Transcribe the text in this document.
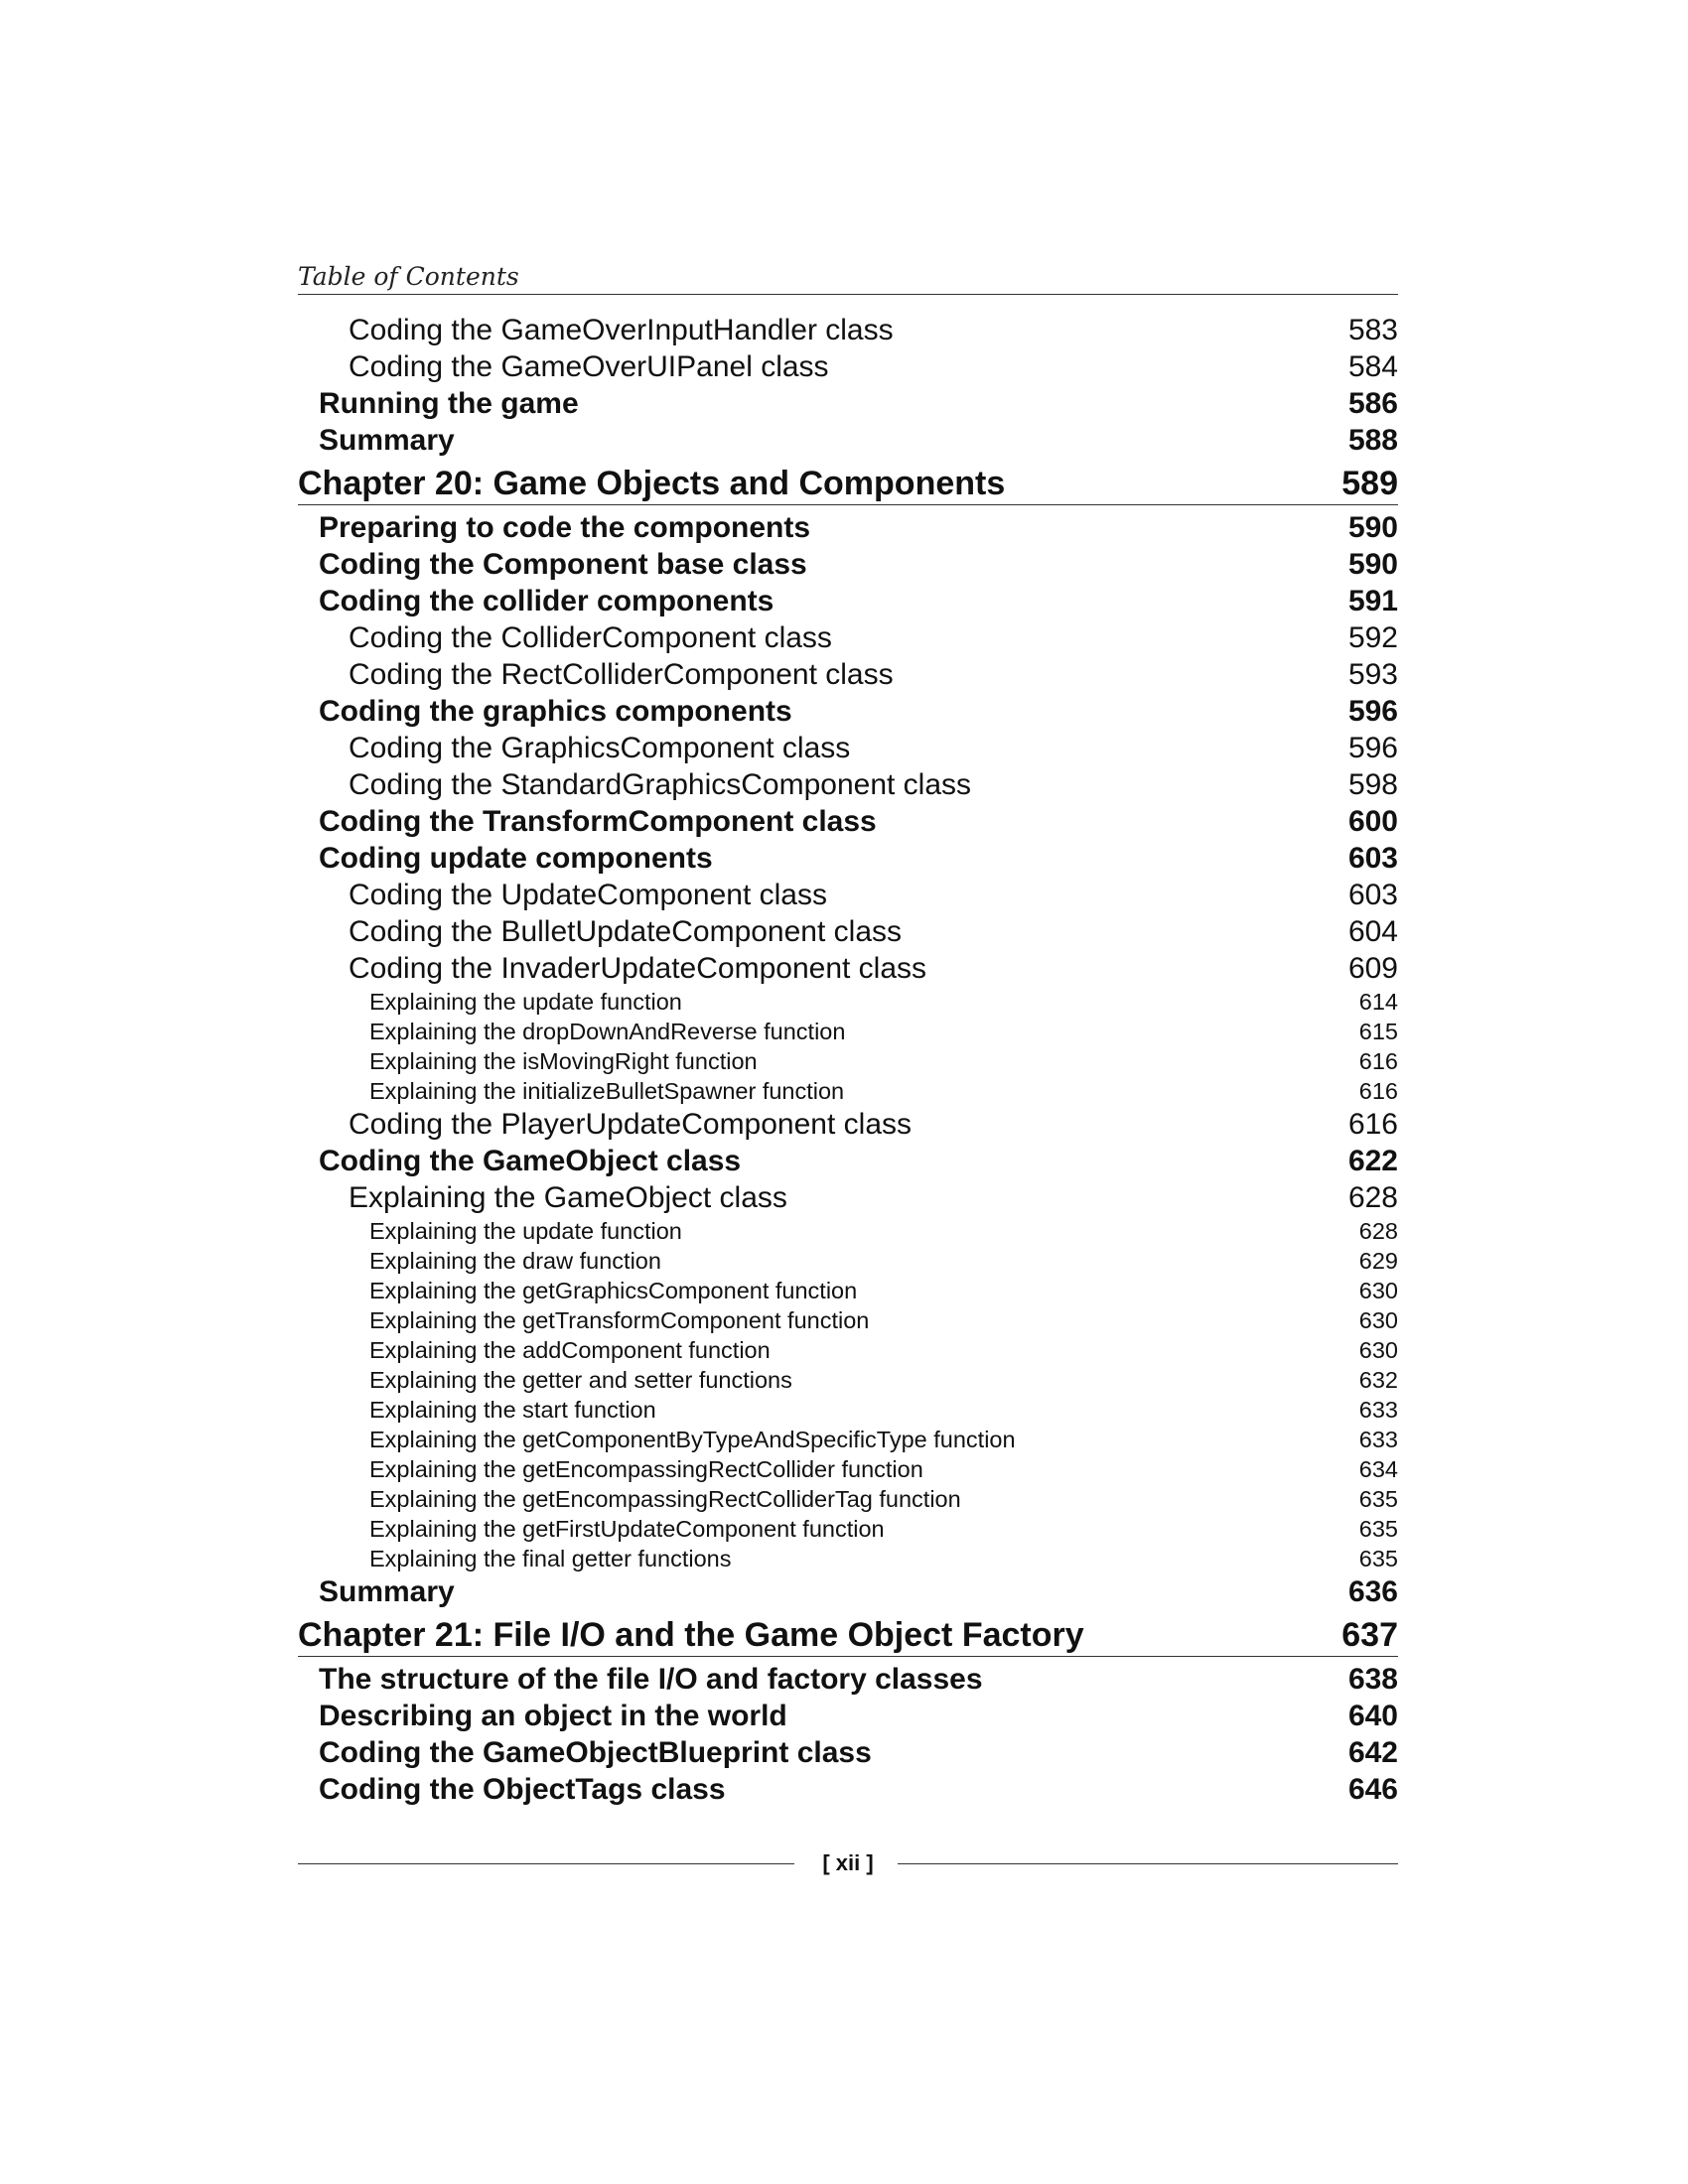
Table of Contents
Coding the GameOverInputHandler class	583
Coding the GameOverUIPanel class	584
Running the game	586
Summary	588
Chapter 20: Game Objects and Components	589
Preparing to code the components	590
Coding the Component base class	590
Coding the collider components	591
Coding the ColliderComponent class	592
Coding the RectColliderComponent class	593
Coding the graphics components	596
Coding the GraphicsComponent class	596
Coding the StandardGraphicsComponent class	598
Coding the TransformComponent class	600
Coding update components	603
Coding the UpdateComponent class	603
Coding the BulletUpdateComponent class	604
Coding the InvaderUpdateComponent class	609
Explaining the update function	614
Explaining the dropDownAndReverse function	615
Explaining the isMovingRight function	616
Explaining the initializeBulletSpawner function	616
Coding the PlayerUpdateComponent class	616
Coding the GameObject class	622
Explaining the GameObject class	628
Explaining the update function	628
Explaining the draw function	629
Explaining the getGraphicsComponent function	630
Explaining the getTransformComponent function	630
Explaining the addComponent function	630
Explaining the getter and setter functions	632
Explaining the start function	633
Explaining the getComponentByTypeAndSpecificType function	633
Explaining the getEncompassingRectCollider function	634
Explaining the getEncompassingRectColliderTag function	635
Explaining the getFirstUpdateComponent function	635
Explaining the final getter functions	635
Summary	636
Chapter 21: File I/O and the Game Object Factory	637
The structure of the file I/O and factory classes	638
Describing an object in the world	640
Coding the GameObjectBlueprint class	642
Coding the ObjectTags class	646
[ xii ]
